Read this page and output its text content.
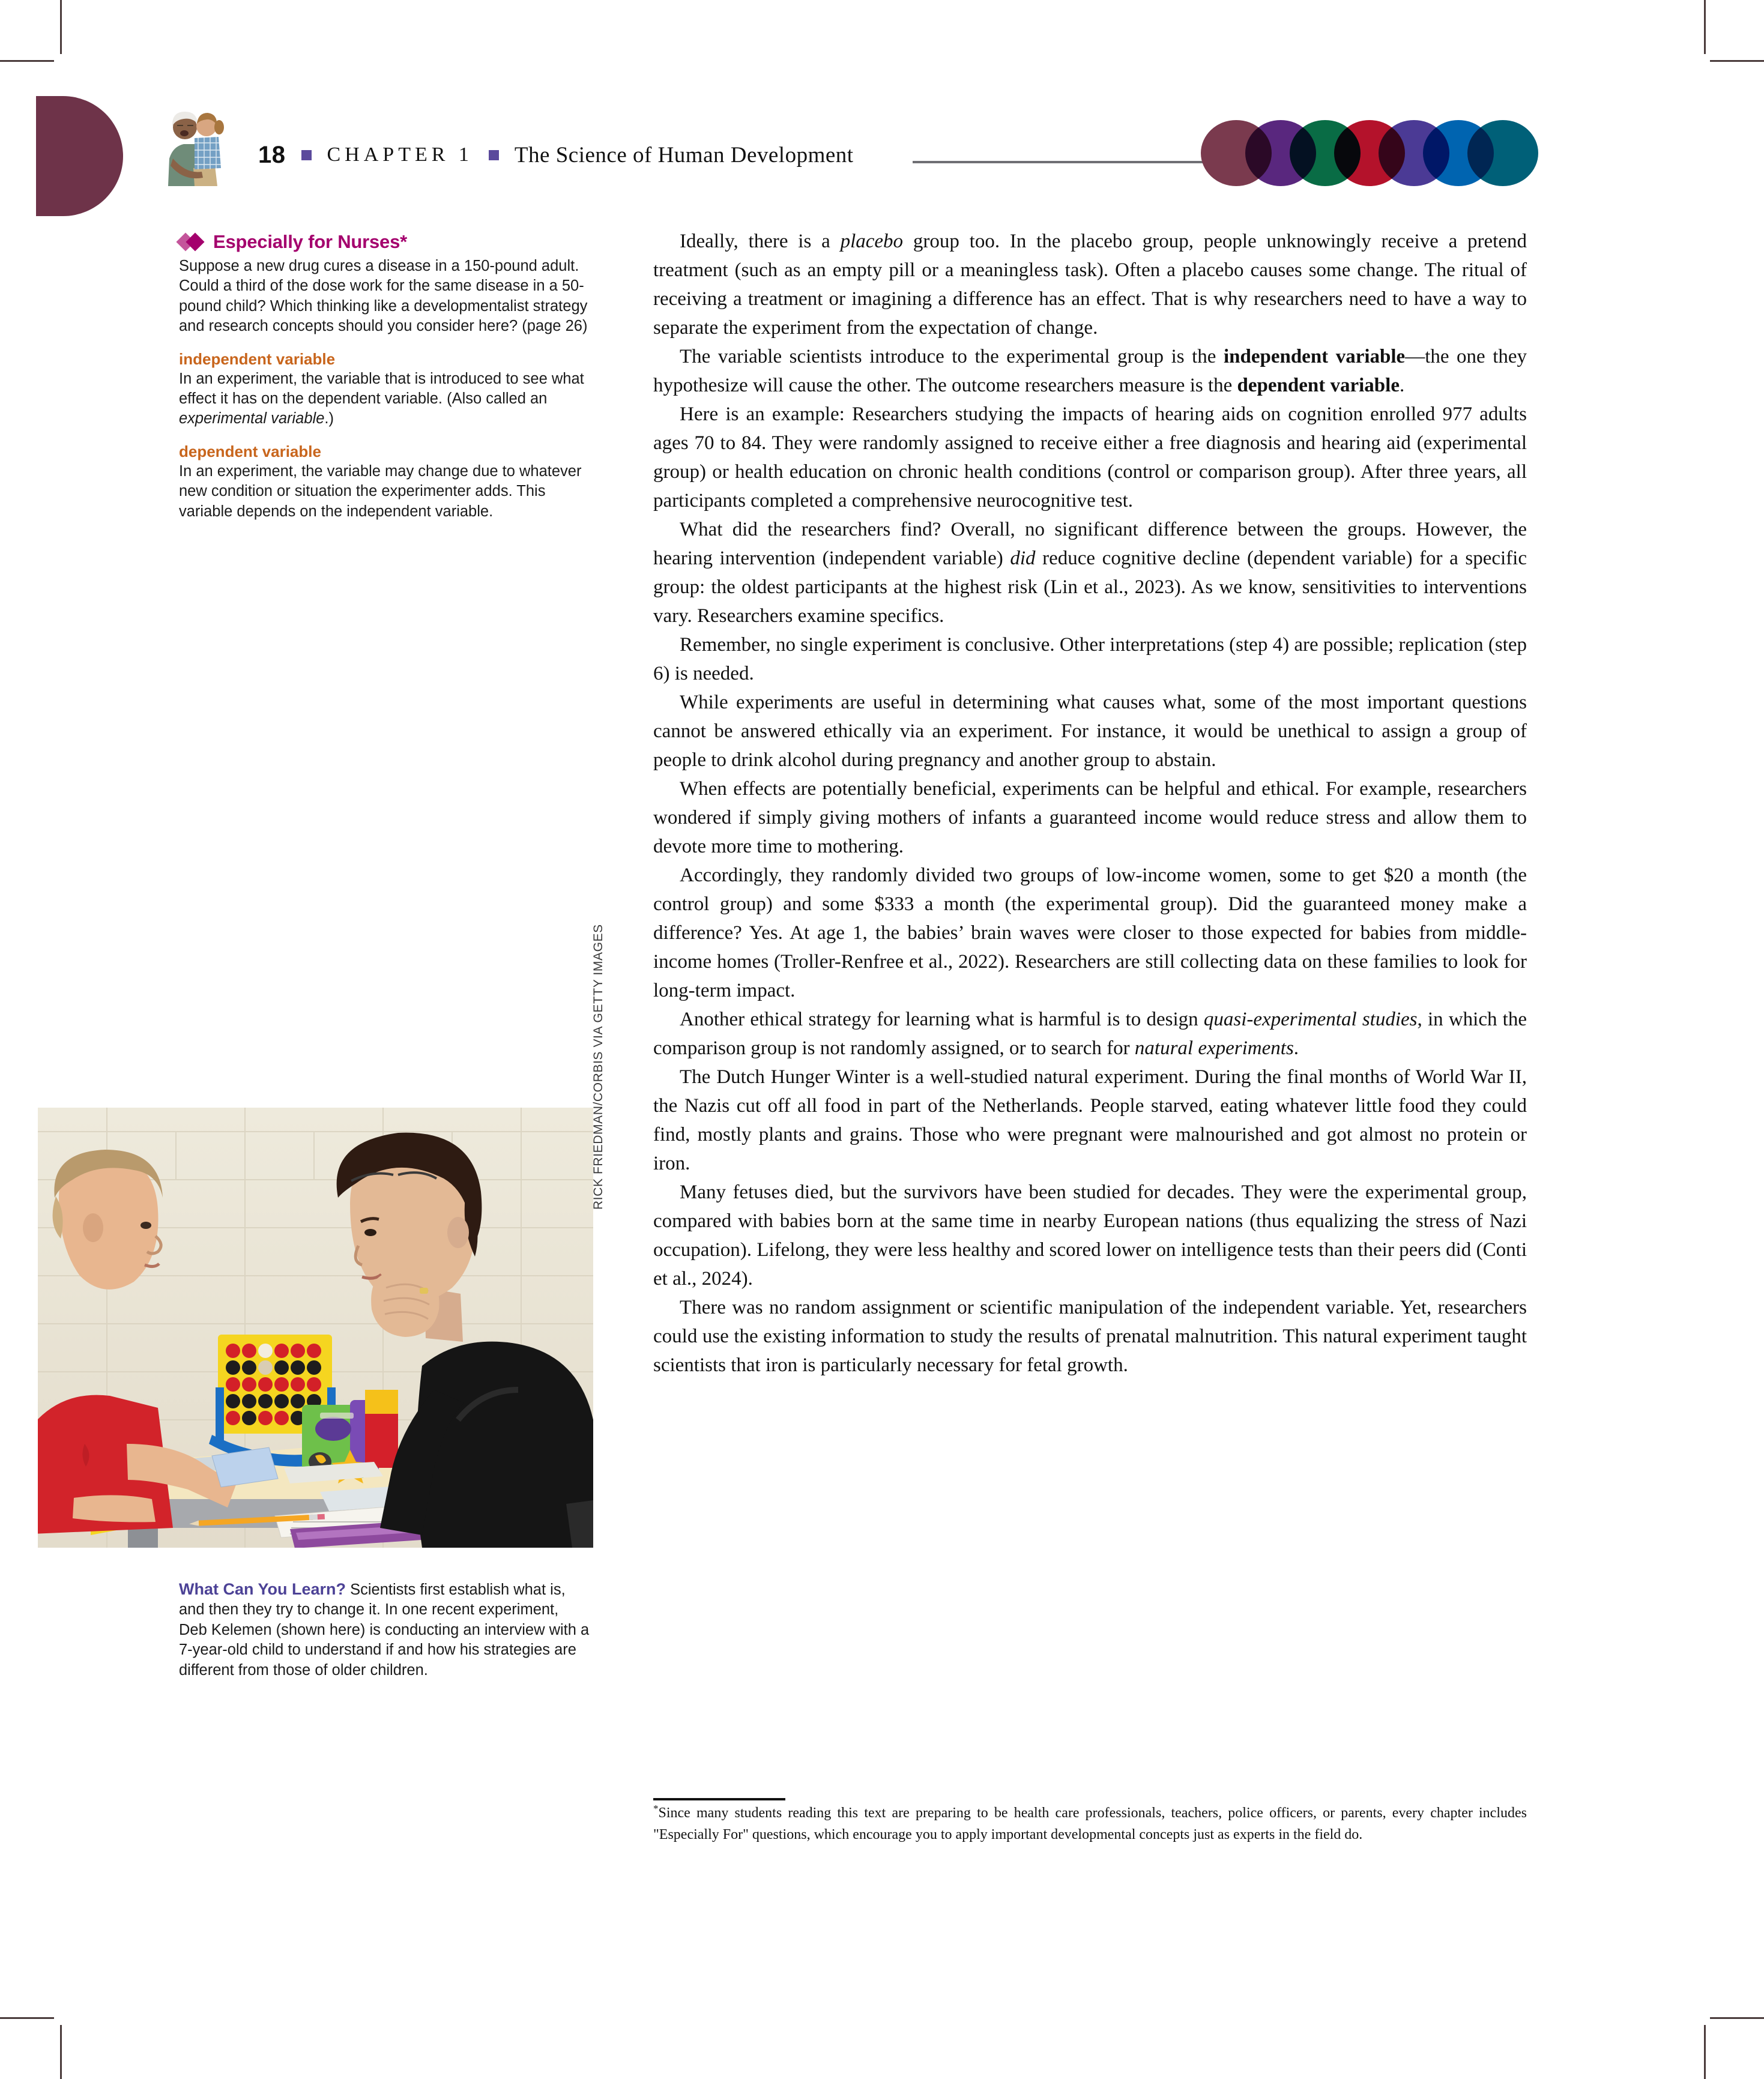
18 CHAPTER 1 The Science of Human Development
Especially for Nurses*
Suppose a new drug cures a disease in a 150-pound adult. Could a third of the dose work for the same disease in a 50-pound child? Which thinking like a developmentalist strategy and research concepts should you consider here? (page 26)
independent variable
In an experiment, the variable that is introduced to see what effect it has on the dependent variable. (Also called an experimental variable.)
dependent variable
In an experiment, the variable may change due to whatever new condition or situation the experimenter adds. This variable depends on the independent variable.
RICK FRIEDMAN/CORBIS VIA GETTY IMAGES
What Can You Learn? Scientists first establish what is, and then they try to change it. In one recent experiment, Deb Kelemen (shown here) is conducting an interview with a 7-year-old child to understand if and how his strategies are different from those of older children.

Ideally, there is a placebo group too. In the placebo group, people unknowingly receive a pretend treatment (such as an empty pill or a meaningless task). Often a placebo causes some change. The ritual of receiving a treatment or imagining a difference has an effect. That is why researchers need to have a way to separate the experiment from the expectation of change.

The variable scientists introduce to the experimental group is the independent variable—the one they hypothesize will cause the other. The outcome researchers measure is the dependent variable.

Here is an example: Researchers studying the impacts of hearing aids on cognition enrolled 977 adults ages 70 to 84. They were randomly assigned to receive either a free diagnosis and hearing aid (experimental group) or health education on chronic health conditions (control or comparison group). After three years, all participants completed a comprehensive neurocognitive test.

What did the researchers find? Overall, no significant difference between the groups. However, the hearing intervention (independent variable) did reduce cognitive decline (dependent variable) for a specific group: the oldest participants at the highest risk (Lin et al., 2023). As we know, sensitivities to interventions vary. Researchers examine specifics.

Remember, no single experiment is conclusive. Other interpretations (step 4) are possible; replication (step 6) is needed.

While experiments are useful in determining what causes what, some of the most important questions cannot be answered ethically via an experiment. For instance, it would be unethical to assign a group of people to drink alcohol during pregnancy and another group to abstain.

When effects are potentially beneficial, experiments can be helpful and ethical. For example, researchers wondered if simply giving mothers of infants a guaranteed income would reduce stress and allow them to devote more time to mothering.

Accordingly, they randomly divided two groups of low-income women, some to get $20 a month (the control group) and some $333 a month (the experimental group). Did the guaranteed money make a difference? Yes. At age 1, the babies’ brain waves were closer to those expected for babies from middle-income homes (Troller-Renfree et al., 2022). Researchers are still collecting data on these families to look for long-term impact.

Another ethical strategy for learning what is harmful is to design quasi-experimental studies, in which the comparison group is not randomly assigned, or to search for natural experiments.

The Dutch Hunger Winter is a well-studied natural experiment. During the final months of World War II, the Nazis cut off all food in part of the Netherlands. People starved, eating whatever little food they could find, mostly plants and grains. Those who were pregnant were malnourished and got almost no protein or iron.

Many fetuses died, but the survivors have been studied for decades. They were the experimental group, compared with babies born at the same time in nearby European nations (thus equalizing the stress of Nazi occupation). Lifelong, they were less healthy and scored lower on intelligence tests than their peers did (Conti et al., 2024).

There was no random assignment or scientific manipulation of the independent variable. Yet, researchers could use the existing information to study the results of prenatal malnutrition. This natural experiment taught scientists that iron is particularly necessary for fetal growth.

*Since many students reading this text are preparing to be health care professionals, teachers, police officers, or parents, every chapter includes "Especially For" questions, which encourage you to apply important developmental concepts just as experts in the field do.
